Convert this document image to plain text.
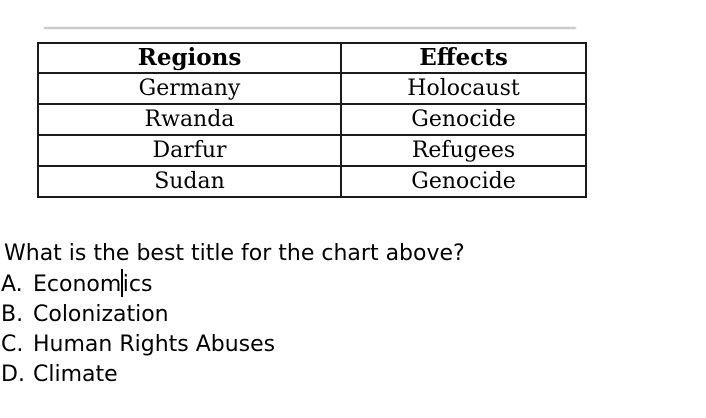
Regions	Effects
Germany	Holocaust
Rwanda	Genocide
Darfur	Refugees
Sudan	Genocide
What is the best title for the chart above?
A. Economics
B. Colonization
C. Human Rights Abuses
D. Climate
